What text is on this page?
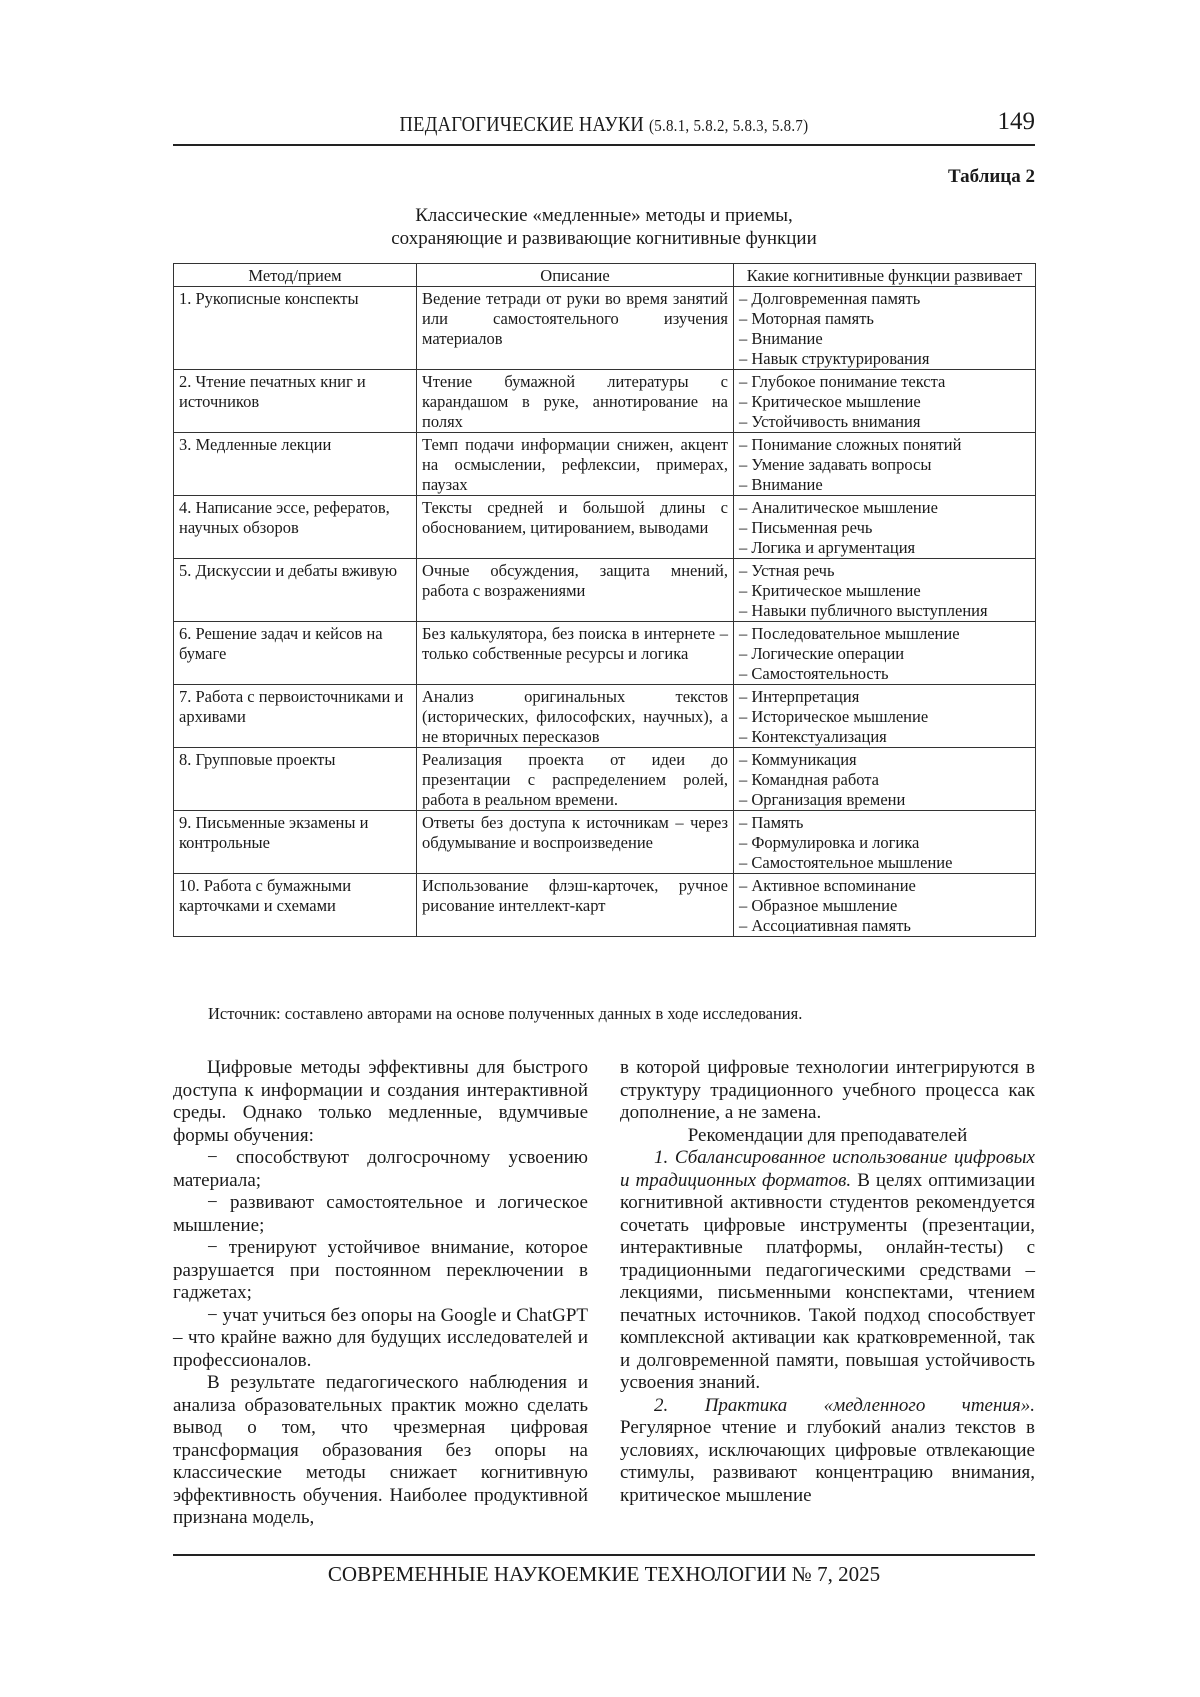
ПЕДАГОГИЧЕСКИЕ НАУКИ (5.8.1, 5.8.2, 5.8.3, 5.8.7)	149
Таблица 2
Классические «медленные» методы и приемы,
сохраняющие и развивающие когнитивные функции
Метод/прием	Описание	Какие когнитивные функции развивает
1. Рукописные конспекты	Ведение тетради от руки во время занятий или самостоятельного изучения материалов	– Долговременная память
– Моторная память
– Внимание
– Навык структурирования

2. Чтение печатных книг и источников	Чтение бумажной литературы с карандашом в руке, аннотирование на полях	– Глубокое понимание текста
– Критическое мышление
– Устойчивость внимания

3. Медленные лекции	Темп подачи информации снижен, акцент на осмыслении, рефлексии, примерах, паузах	– Понимание сложных понятий
– Умение задавать вопросы
– Внимание

4. Написание эссе, рефератов, научных обзоров	Тексты средней и большой длины с обоснованием, цитированием, выводами	– Аналитическое мышление
– Письменная речь
– Логика и аргументация

5. Дискуссии и дебаты вживую	Очные обсуждения, защита мнений, работа с возражениями	– Устная речь
– Критическое мышление
– Навыки публичного выступления

6. Решение задач и кейсов на бумаге	Без калькулятора, без поиска в интернете – только собственные ресурсы и логика	– Последовательное мышление
– Логические операции
– Самостоятельность

7. Работа с первоисточниками и архивами	Анализ оригинальных текстов (исторических, философских, научных), а не вторичных пересказов	– Интерпретация
– Историческое мышление
– Контекстуализация

8. Групповые проекты	Реализация проекта от идеи до презентации с распределением ролей, работа в реальном времени.	– Коммуникация
– Командная работа
– Организация времени

9. Письменные экзамены и контрольные	Ответы без доступа к источникам – через обдумывание и воспроизведение	– Память
– Формулировка и логика
– Самостоятельное мышление

10. Работа с бумажными карточками и схемами	Использование флэш-карточек, ручное рисование интеллект-карт	– Активное вспоминание
– Образное мышление
– Ассоциативная память
Источник: составлено авторами на основе полученных данных в ходе исследования.

Цифровые методы эффективны для быстрого доступа к информации и создания интерактивной среды. Однако только медленные, вдумчивые формы обучения:

− способствуют долгосрочному усвоению материала;

− развивают самостоятельное и логическое мышление;

− тренируют устойчивое внимание, которое разрушается при постоянном переключении в гаджетах;

− учат учиться без опоры на Google и ChatGPT – что крайне важно для будущих исследователей и профессионалов.

В результате педагогического наблюдения и анализа образовательных практик можно сделать вывод о том, что чрезмерная цифровая трансформация образования без опоры на классические методы снижает когнитивную эффективность обучения. Наиболее продуктивной признана модель,

в которой цифровые технологии интегрируются в структуру традиционного учебного процесса как дополнение, а не замена.

Рекомендации для преподавателей

1. Сбалансированное использование цифровых и традиционных форматов. В целях оптимизации когнитивной активности студентов рекомендуется сочетать цифровые инструменты (презентации, интерактивные платформы, онлайн-тесты) с традиционными педагогическими средствами – лекциями, письменными конспектами, чтением печатных источников. Такой подход способствует комплексной активации как кратковременной, так и долговременной памяти, повышая устойчивость усвоения знаний.

2. Практика «медленного чтения». Регулярное чтение и глубокий анализ текстов в условиях, исключающих цифровые отвлекающие стимулы, развивают концентрацию внимания, критическое мышление

СОВРЕМЕННЫЕ НАУКОЕМКИЕ ТЕХНОЛОГИИ № 7, 2025
